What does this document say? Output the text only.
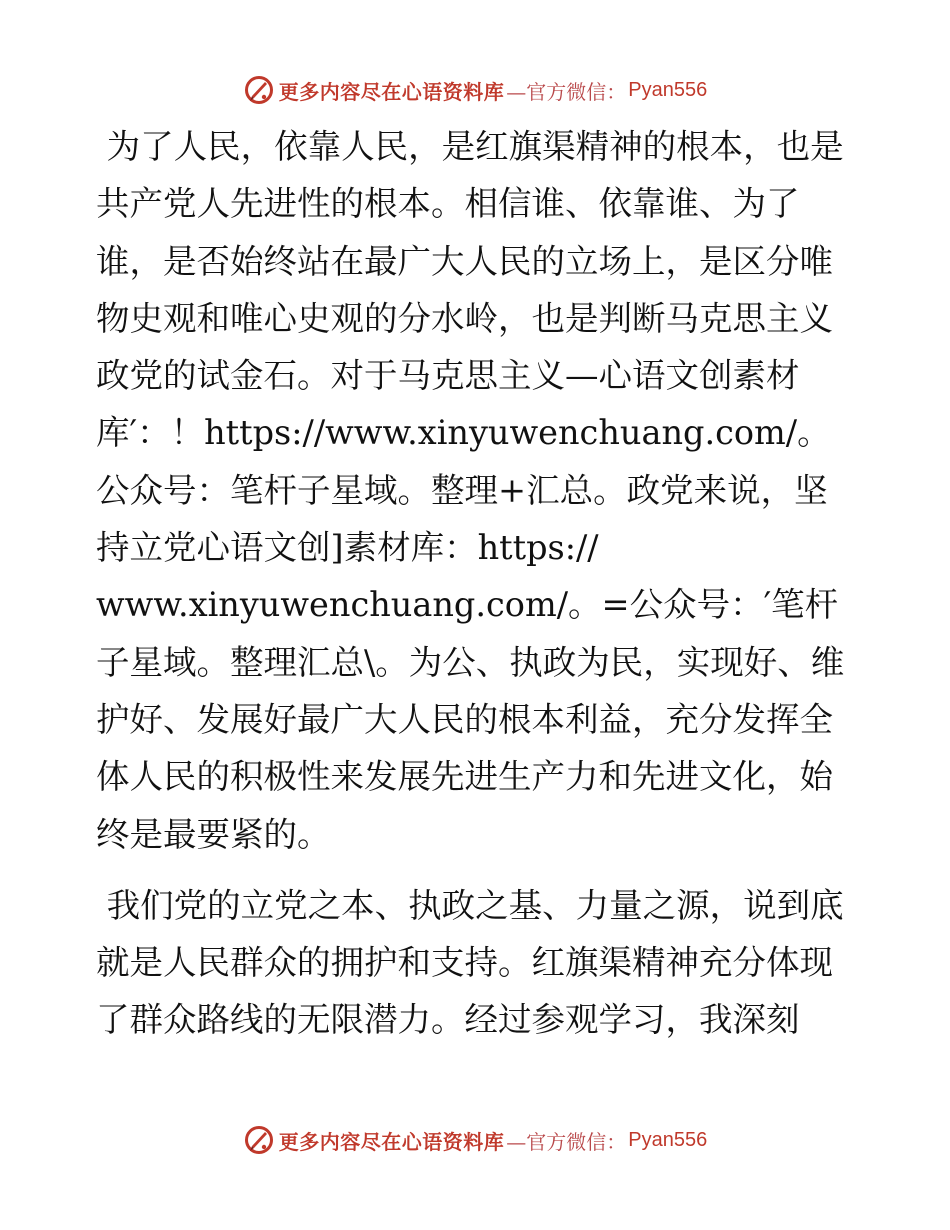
更多内容尽在心语资料库 —官方微信： Pyan556

为了人民，依靠人民，是红旗渠精神的根本，也是共产党人先进性的根本。相信谁、依靠谁、为了谁，是否始终站在最广大人民的立场上，是区分唯物史观和唯心史观的分水岭，也是判断马克思主义政党的试金石。对于马克思主义—心语文创素材库′：！https://www.xinyuwenchuang.com/。公众号：笔杆子星域。整理+汇总。政党来说，坚持立党心语文创]素材库：https://
www.xinyuwenchuang.com/。=公众号：′笔杆子星域。整理汇总\。为公、执政为民，实现好、维护好、发展好最广大人民的根本利益，充分发挥全体人民的积极性来发展先进生产力和先进文化，始终是最要紧的。

我们党的立党之本、执政之基、力量之源，说到底就是人民群众的拥护和支持。红旗渠精神充分体现了群众路线的无限潜力。经过参观学习，我深刻

更多内容尽在心语资料库 —官方微信： Pyan556
